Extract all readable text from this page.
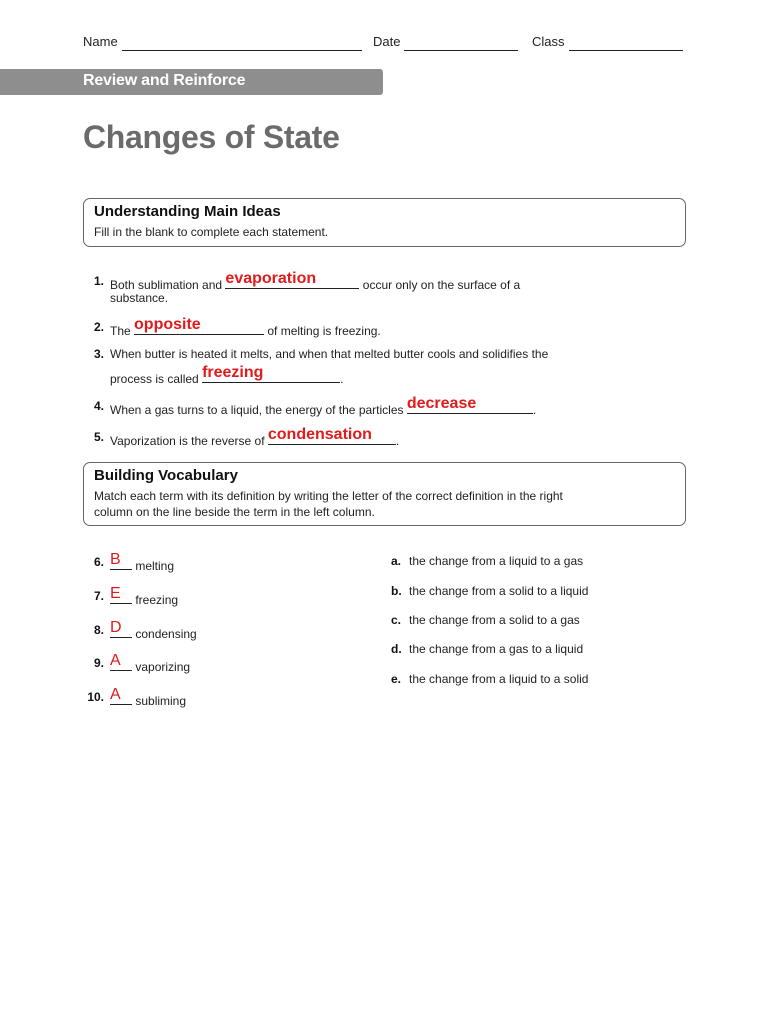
Name	Date	Class
Review and Reinforce
Changes of State
Understanding Main Ideas
Fill in the blank to complete each statement.
1. Both sublimation and evaporation	occur only on the surface of a
substance.
2. The opposite	of melting is freezing.
3. When butter is heated it melts, and when that melted butter cools and solidifies the
process is called freezing	.
4. When a gas turns to a liquid, the energy of the particles decrease	.
5. Vaporization is the reverse of condensation .
Building Vocabulary
Match each term with its definition by writing the letter of the correct definition in the right column on the line beside the term in the left column.
6. B melting
7. E freezing
8. D condensing
9. A vaporizing
10. A subliming
a. the change from a liquid to a gas
b. the change from a solid to a liquid
c. the change from a solid to a gas
d. the change from a gas to a liquid
e. the change from a liquid to a solid
